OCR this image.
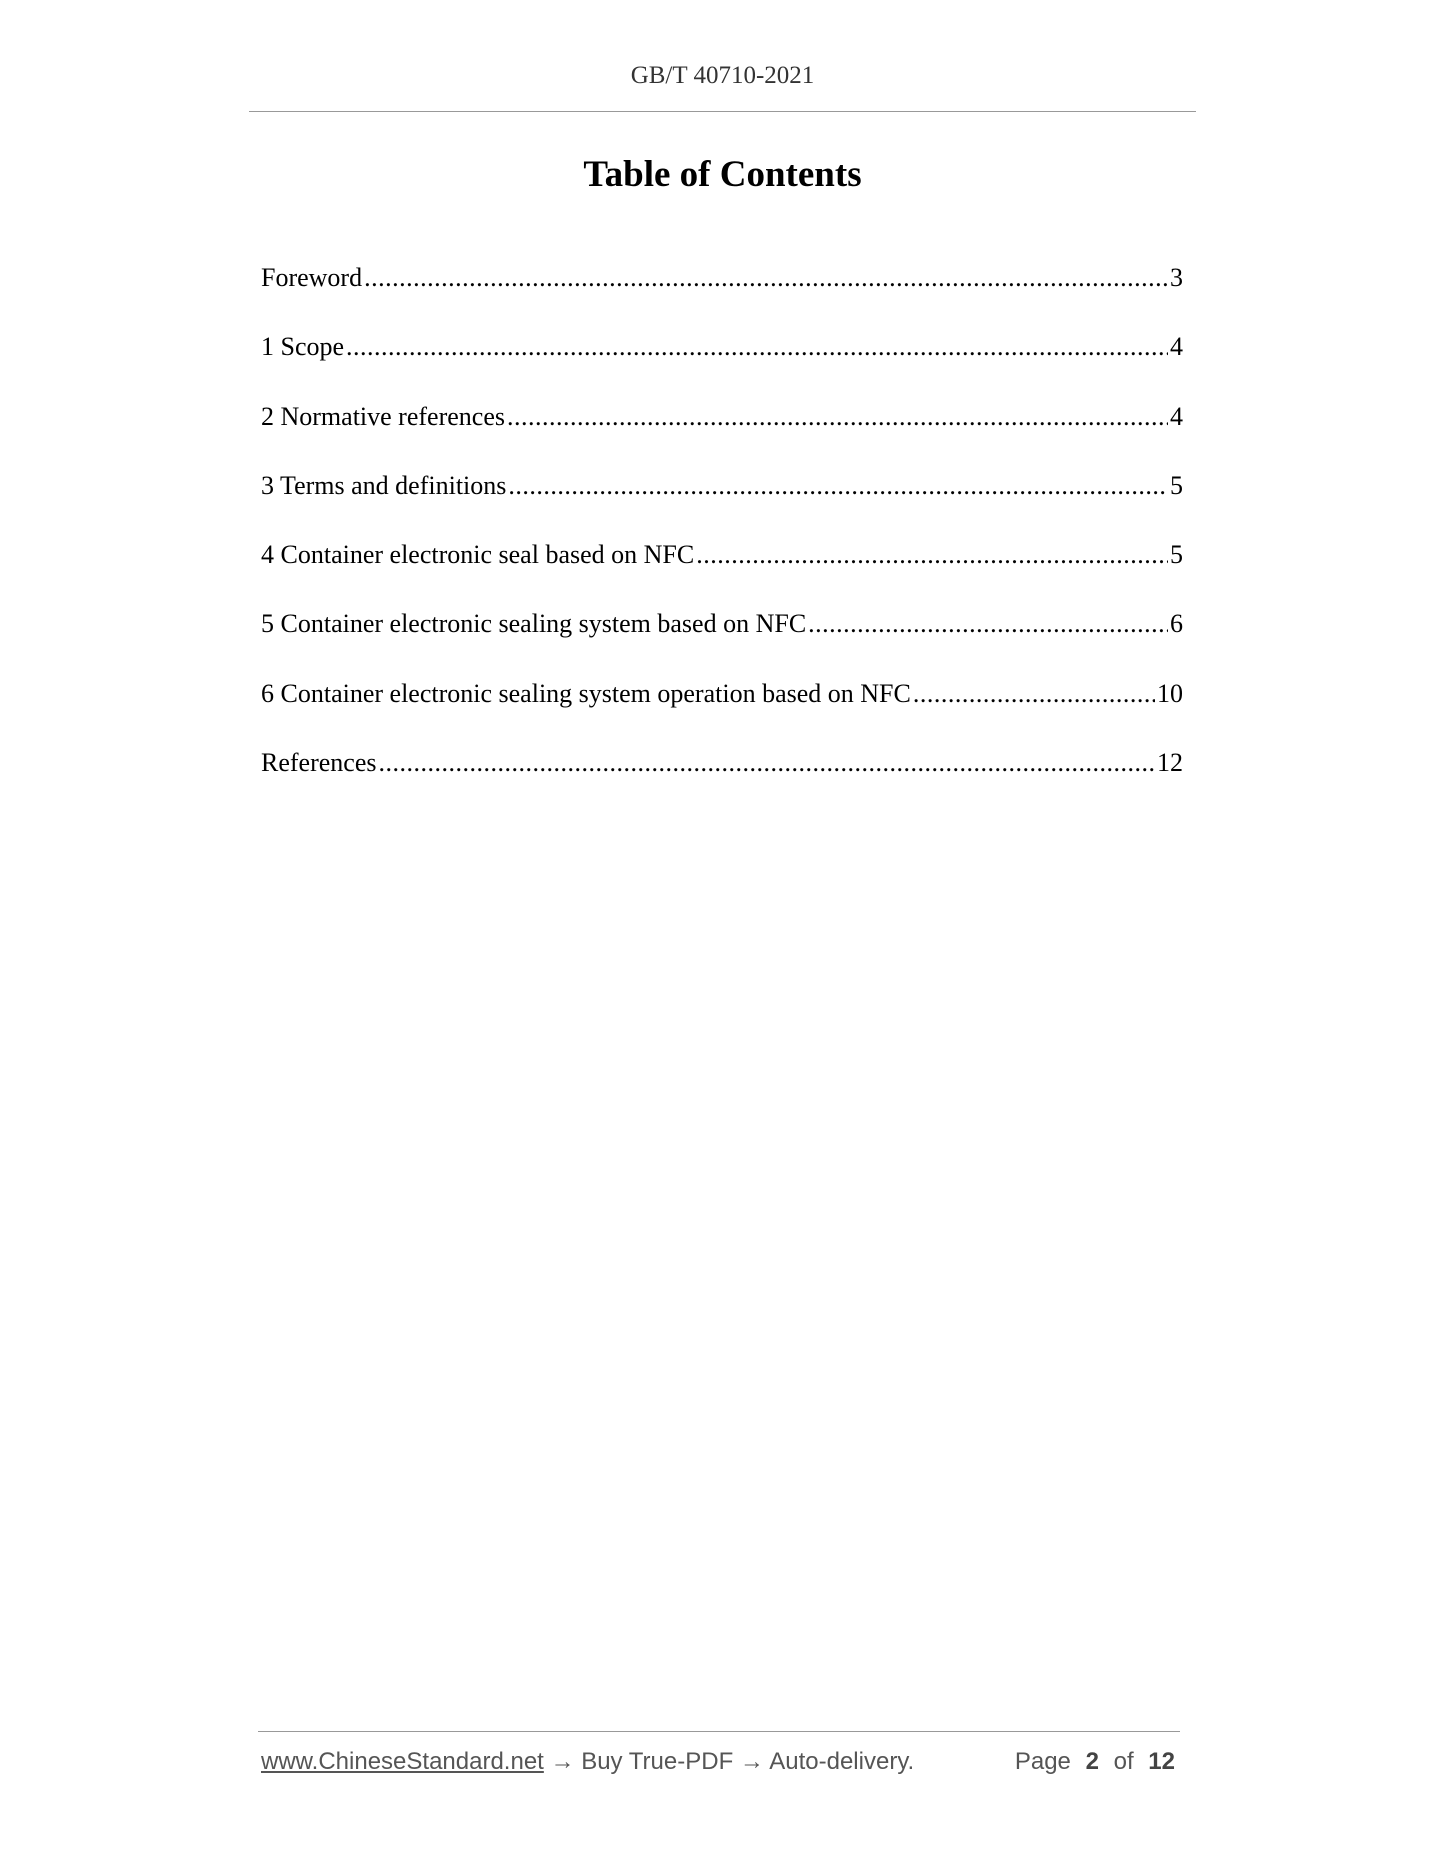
GB/T 40710-2021
Table of Contents
Foreword .....	3
1 Scope .....	4
2 Normative references .....	4
3 Terms and definitions .....	5
4 Container electronic seal based on NFC .....	5
5 Container electronic sealing system based on NFC .....	6
6 Container electronic sealing system operation based on NFC .....	10
References .....	12
www.ChineseStandard.net → Buy True-PDF → Auto-delivery.	Page 2 of 12
